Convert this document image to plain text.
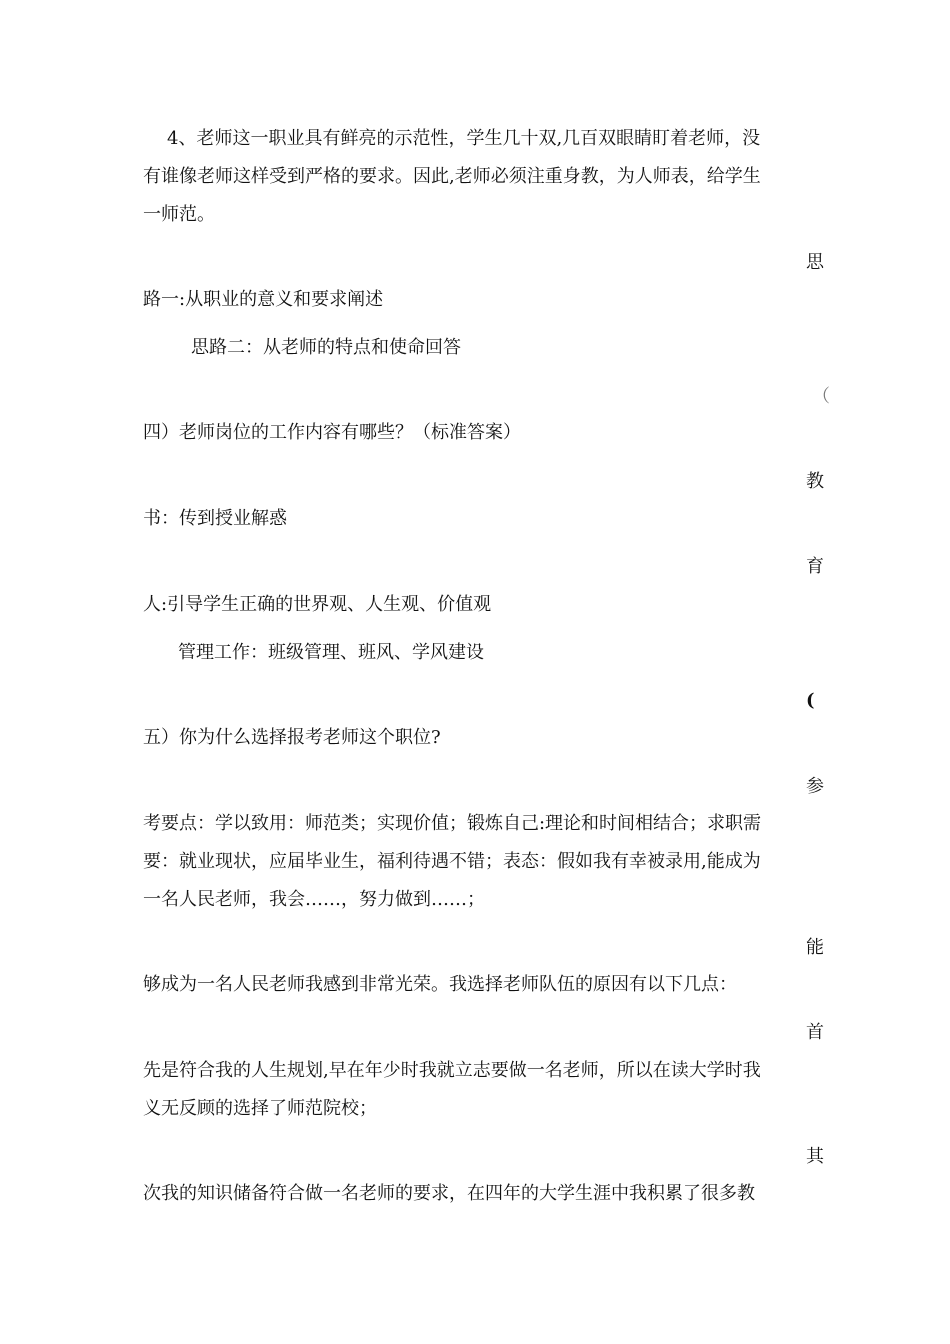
4、老师这一职业具有鲜亮的示范性，学生几十双,几百双眼睛盯着老师，没
有谁像老师这样受到严格的要求。因此,老师必须注重身教，为人师表，给学生
一师范。
思
路一:从职业的意义和要求阐述
思路二：从老师的特点和使命回答
（
四）老师岗位的工作内容有哪些？（标准答案）
教
书：传到授业解惑
育
人:引导学生正确的世界观、人生观、价值观
管理工作：班级管理、班风、学风建设
(
五）你为什么选择报考老师这个职位?
参
考要点：学以致用：师范类；实现价值；锻炼自己:理论和时间相结合；求职需
要：就业现状，应届毕业生，福利待遇不错；表态：假如我有幸被录用,能成为
一名人民老师，我会……，努力做到……；
能
够成为一名人民老师我感到非常光荣。我选择老师队伍的原因有以下几点：
首
先是符合我的人生规划,早在年少时我就立志要做一名老师，所以在读大学时我
义无反顾的选择了师范院校；
其
次我的知识储备符合做一名老师的要求，在四年的大学生涯中我积累了很多教
